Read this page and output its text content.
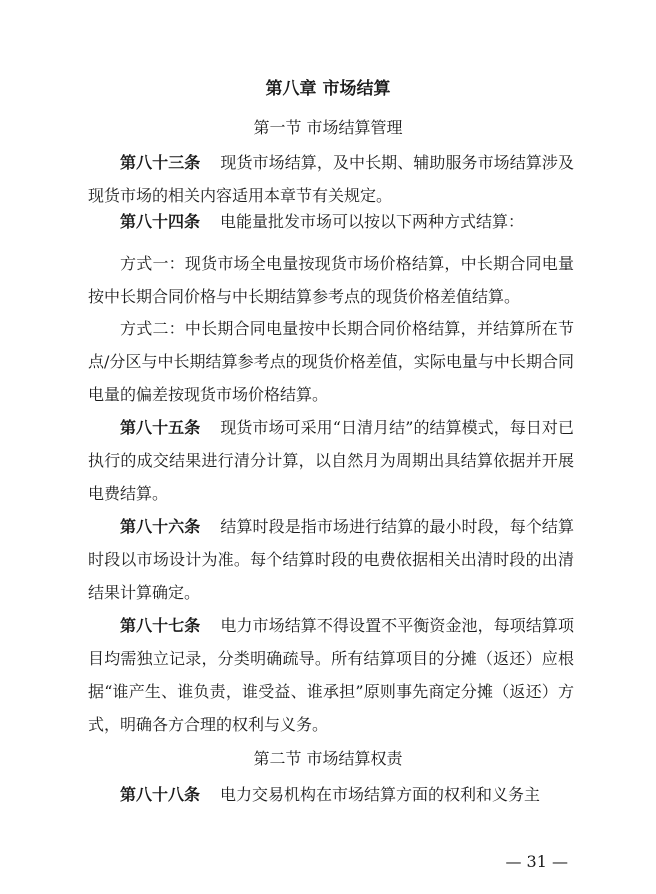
第八章 市场结算
第一节 市场结算管理

第八十三条 现货市场结算，及中长期、辅助服务市场结算涉及现货市场的相关内容适用本章节有关规定。

第八十四条 电能量批发市场可以按以下两种方式结算：

方式一：现货市场全电量按现货市场价格结算，中长期合同电量按中长期合同价格与中长期结算参考点的现货价格差值结算。

方式二：中长期合同电量按中长期合同价格结算，并结算所在节点/分区与中长期结算参考点的现货价格差值，实际电量与中长期合同电量的偏差按现货市场价格结算。

第八十五条 现货市场可采用“日清月结”的结算模式，每日对已执行的成交结果进行清分计算，以自然月为周期出具结算依据并开展电费结算。

第八十六条 结算时段是指市场进行结算的最小时段，每个结算时段以市场设计为准。每个结算时段的电费依据相关出清时段的出清结果计算确定。

第八十七条 电力市场结算不得设置不平衡资金池，每项结算项目均需独立记录，分类明确疏导。所有结算项目的分摊（返还）应根据“谁产生、谁负责，谁受益、谁承担”原则事先商定分摊（返还）方式，明确各方合理的权利与义务。

第二节 市场结算权责

第八十八条 电力交易机构在市场结算方面的权利和义务主

— 31 —
